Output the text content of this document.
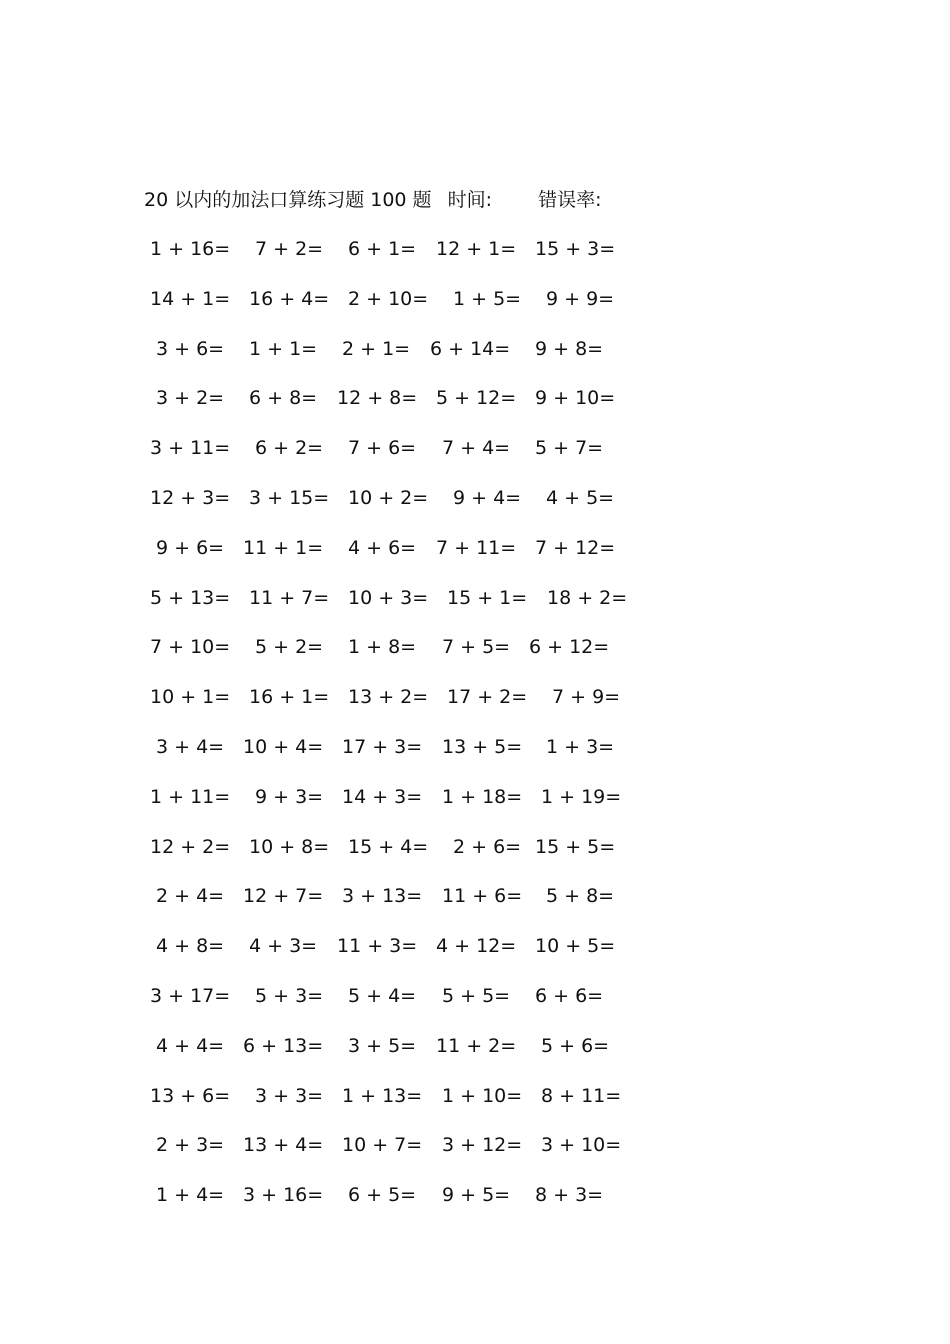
20 以内的加法口算练习题 100 题 时间: 错误率:
1 + 16=	7 + 2=	6 + 1=	12 + 1= 15 + 3=
14 + 1= 16 + 4= 2 + 10=	1 + 5=	9 + 9=
3 + 6=	1 + 1=	2 + 1=	6 + 14=	9 + 8=
3 + 2=	6 + 8=	12 + 8= 5 + 12= 9 + 10=
3 + 11=	6 + 2=	7 + 6=	7 + 4=	5 + 7=
12 + 3= 3 + 15= 10 + 2=	9 + 4=	4 + 5=
9 + 6= 11 + 1=	4 + 6=	7 + 11= 7 + 12=
5 + 13= 11 + 7= 10 + 3= 15 + 1=	18 + 2=
7 + 10=	5 + 2=	1 + 8=	7 + 5= 6 + 12=
10 + 1= 16 + 1= 13 + 2= 17 + 2=	7 + 9=
3 + 4= 10 + 4= 17 + 3=	13 + 5=	1 + 3=
1 + 11=	9 + 3= 14 + 3=	1 + 18= 1 + 19=
12 + 2= 10 + 8= 15 + 4=	2 + 6= 15 + 5=
2 + 4= 12 + 7= 3 + 13=	11 + 6=	5 + 8=
4 + 8=	4 + 3=	11 + 3= 4 + 12= 10 + 5=
3 + 17=	5 + 3=	5 + 4=	5 + 5=	6 + 6=
4 + 4= 6 + 13=	3 + 5=	11 + 2=	5 + 6=
13 + 6=	3 + 3= 1 + 13=	1 + 10= 8 + 11=
2 + 3= 13 + 4= 10 + 7=	3 + 12= 3 + 10=
1 + 4= 3 + 16=	6 + 5=	9 + 5=	8 + 3=
